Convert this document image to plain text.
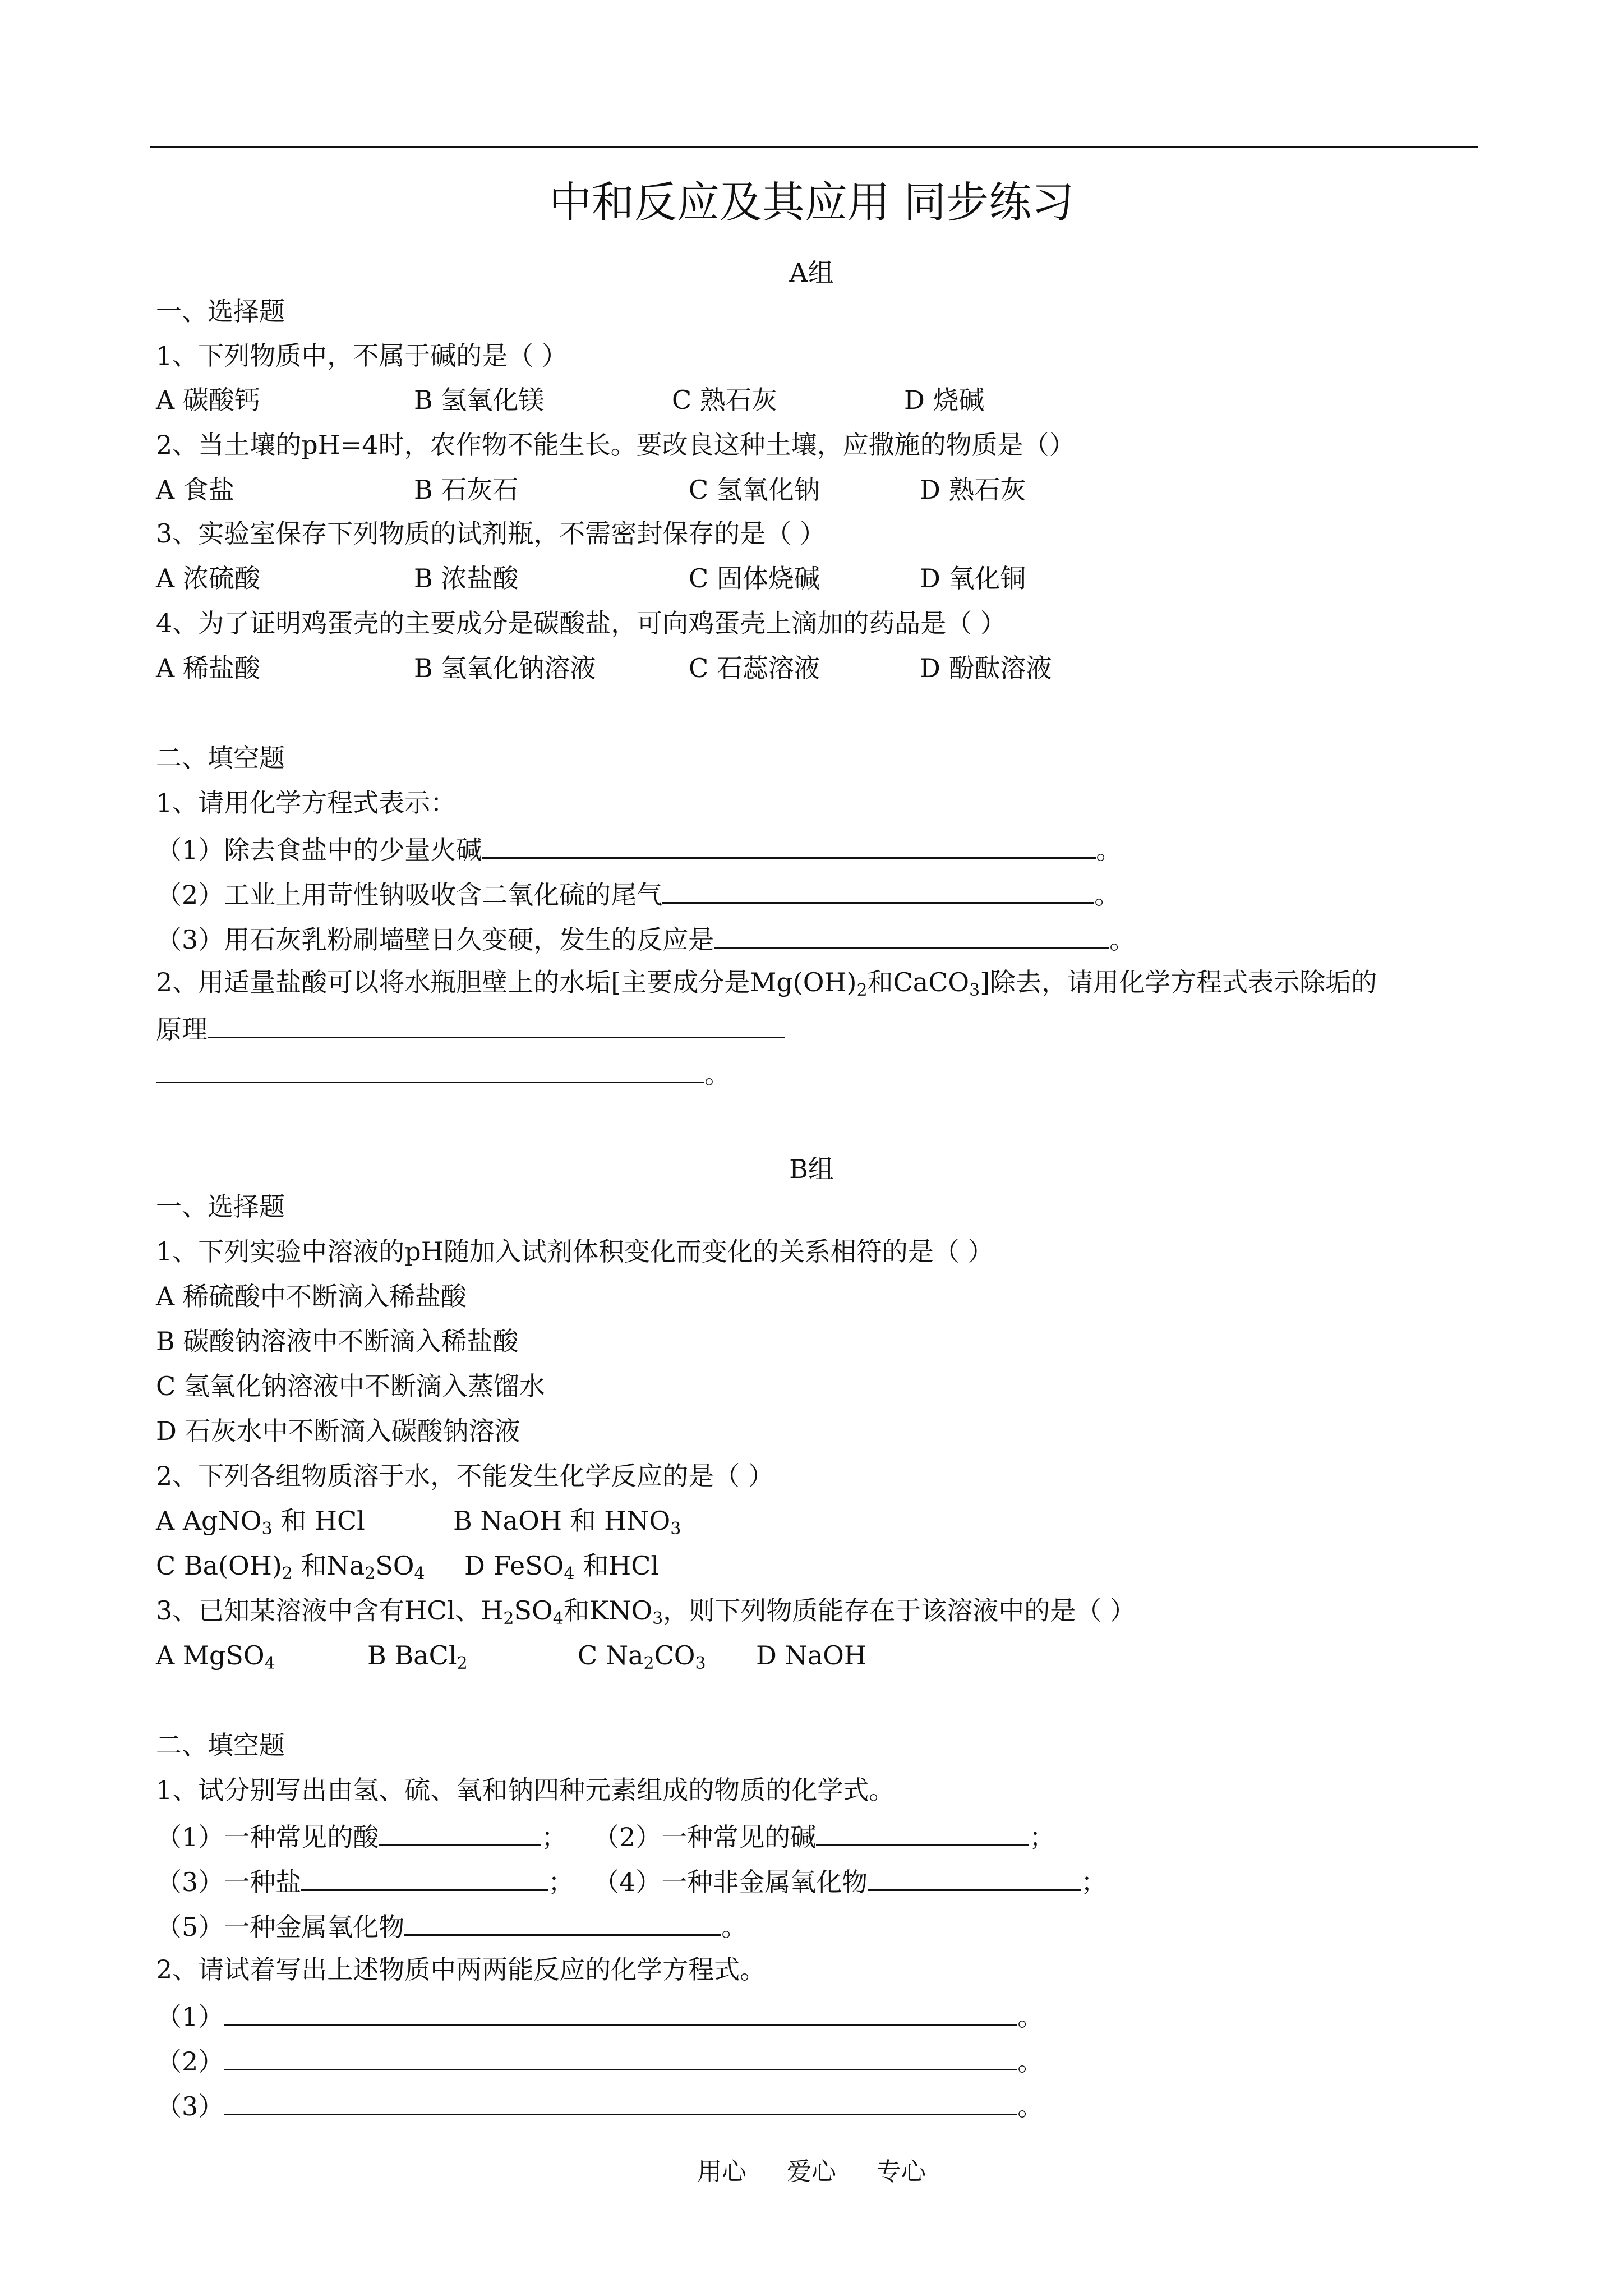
中和反应及其应用 同步练习
A组
一、选择题
1、下列物质中，不属于碱的是（ ）
A 碳酸钙	B 氢氧化镁	C 熟石灰	D 烧碱
2、当土壤的pH=4时，农作物不能生长。要改良这种土壤，应撒施的物质是（）
A 食盐	B 石灰石	C 氢氧化钠	D 熟石灰
3、实验室保存下列物质的试剂瓶，不需密封保存的是（ ）
A 浓硫酸	B 浓盐酸	C 固体烧碱	D 氧化铜
4、为了证明鸡蛋壳的主要成分是碳酸盐，可向鸡蛋壳上滴加的药品是（ ）
A 稀盐酸	B 氢氧化钠溶液	C 石蕊溶液	D 酚酞溶液
二、填空题
1、请用化学方程式表示：
（1）除去食盐中的少量火碱	。
（2）工业上用苛性钠吸收含二氧化硫的尾气	。
（3）用石灰乳粉刷墙壁日久变硬，发生的反应是	。
2、用适量盐酸可以将水瓶胆壁上的水垢[主要成分是$Mg(OH)_2$和CaCO$_3$]除去，请用化学方程式表示除垢的
原理
。
B组
一、选择题
1、下列实验中溶液的pH随加入试剂体积变化而变化的关系相符的是（ ）
A 稀硫酸中不断滴入稀盐酸
B 碳酸钠溶液中不断滴入稀盐酸
C 氢氧化钠溶液中不断滴入蒸馏水
D 石灰水中不断滴入碳酸钠溶液
2、下列各组物质溶于水，不能发生化学反应的是（ ）
A AgNO$_3$ 和 HCl	B NaOH 和 $HNO_3$
C $Ba(OH)_2$ 和$Na_2SO_4$ D FeSO$_4$ 和HCl
3、已知某溶液中含有HCl、$H_2SO_4$和$KNO_3$，则下列物质能存在于该溶液中的是（ ）
A MgSO$_4$	B BaCl$_2$	C $Na_2CO_3$ D NaOH
二、填空题
1、试分别写出由氢、硫、氧和钠四种元素组成的物质的化学式。
（1）一种常见的酸	； （2）一种常见的碱	；
（3）一种盐	； （4）一种非金属氧化物	；
（5）一种金属氧化物	。
2、请试着写出上述物质中两两能反应的化学方程式。
（1）	。
（2）	。
（3）	。
用心 爱心 专心
